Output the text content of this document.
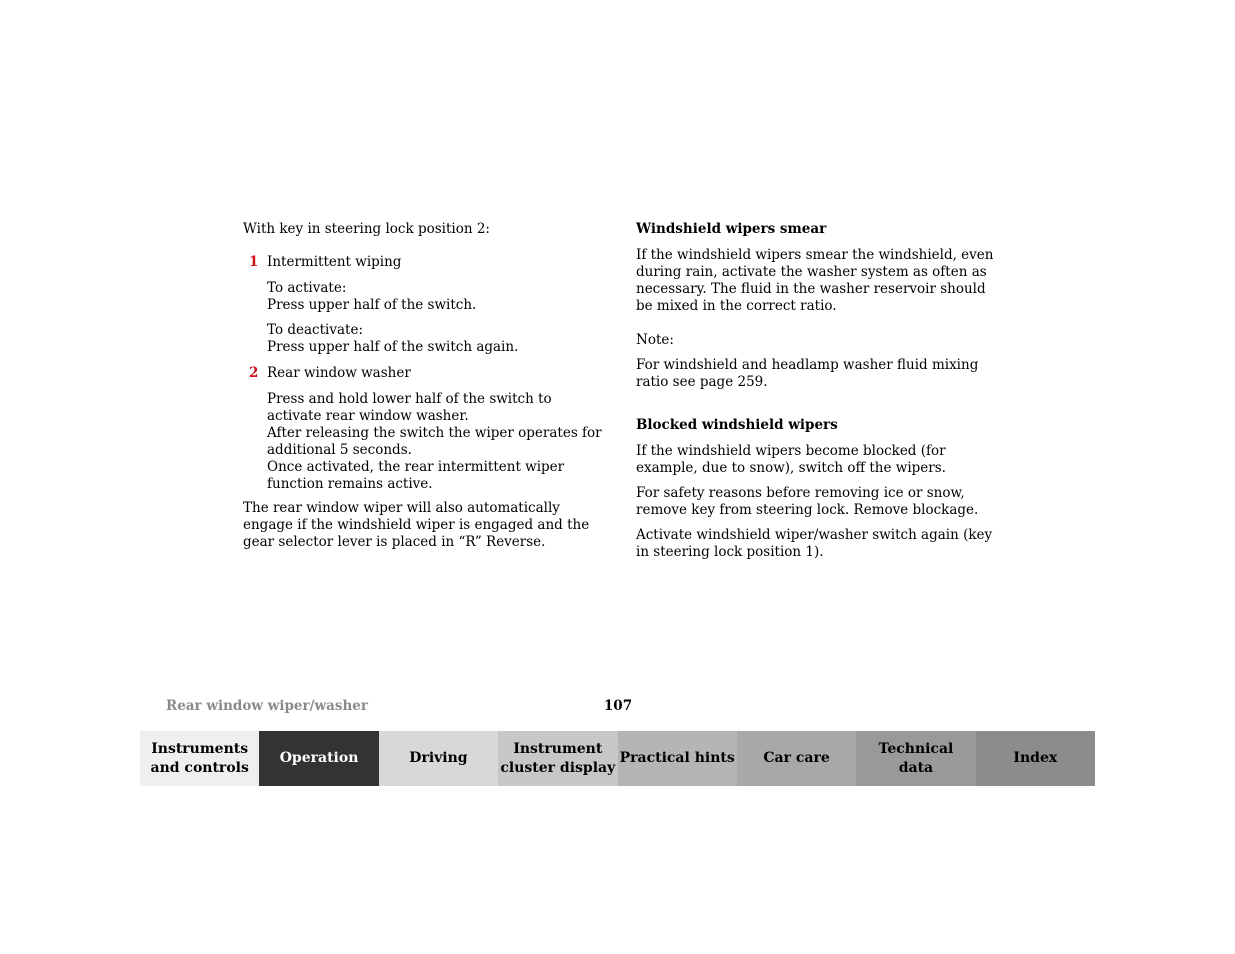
With key in steering lock position 2:

1 Intermittent wiping

To activate:

Press upper half of the switch.

To deactivate:

Press upper half of the switch again.

2 Rear window washer

Press and hold lower half of the switch to activate rear window washer.

After releasing the switch the wiper operates for additional 5 seconds.

Once activated, the rear intermittent wiper function remains active.

The rear window wiper will also automatically engage if the windshield wiper is engaged and the gear selector lever is placed in “R” Reverse.

Windshield wipers smear

If the windshield wipers smear the windshield, even during rain, activate the washer system as often as necessary. The fluid in the washer reservoir should be mixed in the correct ratio.

Note:

For windshield and headlamp washer fluid mixing ratio see page 259.

Blocked windshield wipers

If the windshield wipers become blocked (for example, due to snow), switch off the wipers.

For safety reasons before removing ice or snow, remove key from steering lock. Remove blockage.

Activate windshield wiper/washer switch again (key in steering lock position 1).

Rear window wiper/washer	107
Instruments
and controls
Operation	Driving
Instrument
cluster display
Practical hints	Car care
Technical
data
Index
